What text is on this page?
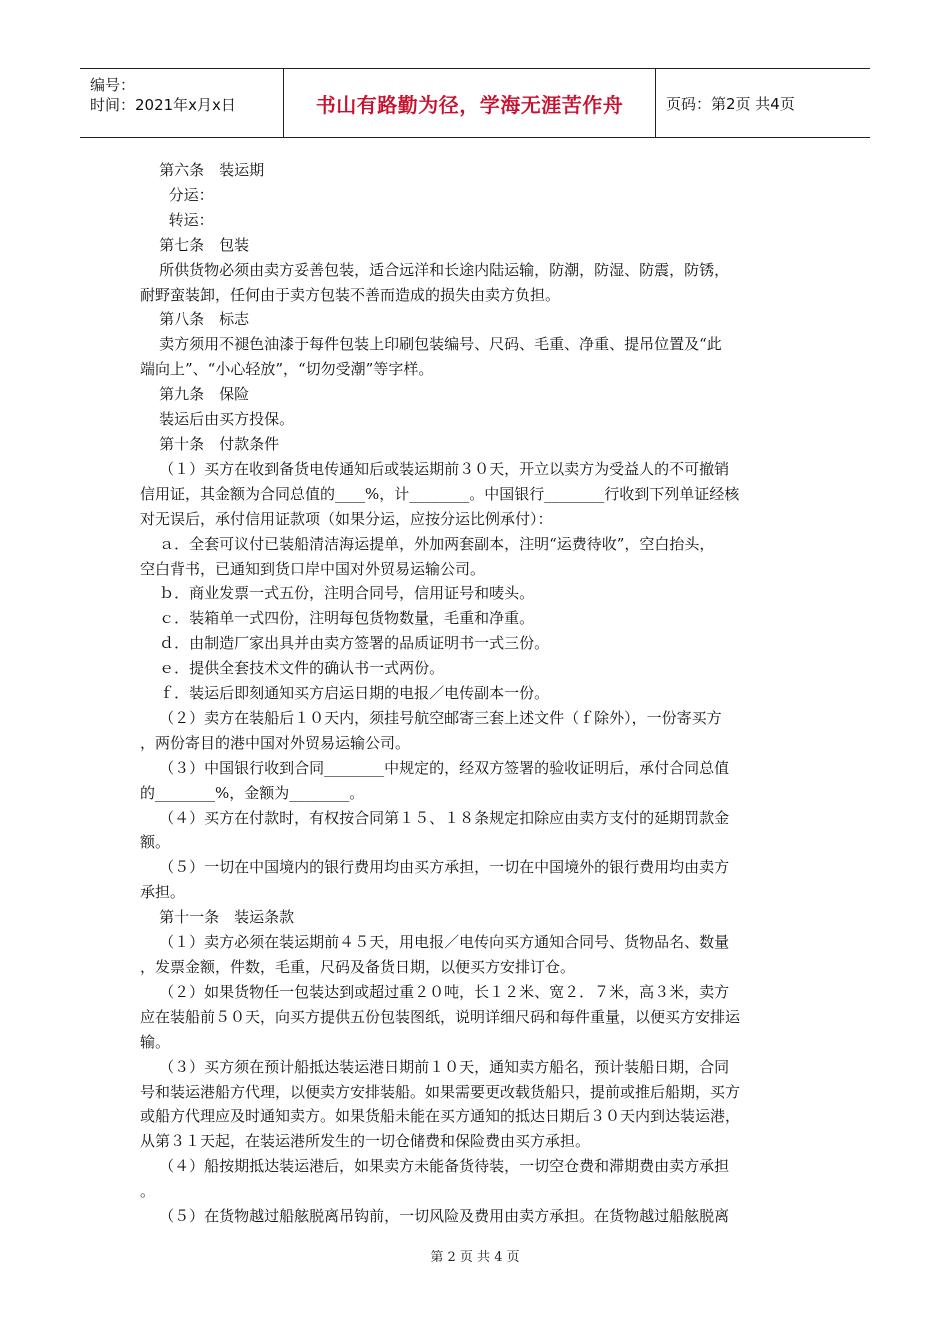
编号：
时间：2021年x月x日	书山有路勤为径，学海无涯苦作舟	页码：第2页 共4页

第六条　装运期

分运：

转运：

第七条　包装

所供货物必须由卖方妥善包装，适合远洋和长途内陆运输，防潮，防湿、防震，防锈，

耐野蛮装卸，任何由于卖方包装不善而造成的损失由卖方负担。

第八条　标志

卖方须用不褪色油漆于每件包装上印刷包装编号、尺码、毛重、净重、提吊位置及“此

端向上”、“小心轻放”，“切勿受潮”等字样。

第九条　保险

装运后由买方投保。

第十条　付款条件

（１）买方在收到备货电传通知后或装运期前３０天，开立以卖方为受益人的不可撤销

信用证，其金额为合同总值的____%，计________。中国银行________行收到下列单证经核

对无误后，承付信用证款项（如果分运，应按分运比例承付）：

ａ．全套可议付已装船清洁海运提单，外加两套副本，注明“运费待收”，空白抬头，

空白背书，已通知到货口岸中国对外贸易运输公司。

ｂ．商业发票一式五份，注明合同号，信用证号和唛头。

ｃ．装箱单一式四份，注明每包货物数量，毛重和净重。

ｄ．由制造厂家出具并由卖方签署的品质证明书一式三份。

ｅ．提供全套技术文件的确认书一式两份。

ｆ．装运后即刻通知买方启运日期的电报／电传副本一份。

（２）卖方在装船后１０天内，须挂号航空邮寄三套上述文件（ｆ除外），一份寄买方

，两份寄目的港中国对外贸易运输公司。

（３）中国银行收到合同________中规定的，经双方签署的验收证明后，承付合同总值

的________%，金额为________。

（４）买方在付款时，有权按合同第１５、１８条规定扣除应由卖方支付的延期罚款金

额。

（５）一切在中国境内的银行费用均由买方承担，一切在中国境外的银行费用均由卖方

承担。

第十一条　装运条款

（１）卖方必须在装运期前４５天，用电报／电传向买方通知合同号、货物品名、数量

，发票金额，件数，毛重，尺码及备货日期，以便买方安排订仓。

（２）如果货物任一包装达到或超过重２０吨，长１２米、宽２．７米，高３米，卖方

应在装船前５０天，向买方提供五份包装图纸，说明详细尺码和每件重量，以便买方安排运

输。

（３）买方须在预计船抵达装运港日期前１０天，通知卖方船名，预计装船日期，合同

号和装运港船方代理，以便卖方安排装船。如果需要更改载货船只，提前或推后船期，买方

或船方代理应及时通知卖方。如果货船未能在买方通知的抵达日期后３０天内到达装运港，

从第３１天起，在装运港所发生的一切仓储费和保险费由买方承担。

（４）船按期抵达装运港后，如果卖方未能备货待装，一切空仓费和滞期费由卖方承担

。

（５）在货物越过船舷脱离吊钩前，一切风险及费用由卖方承担。在货物越过船舷脱离

第 2 页 共 4 页
